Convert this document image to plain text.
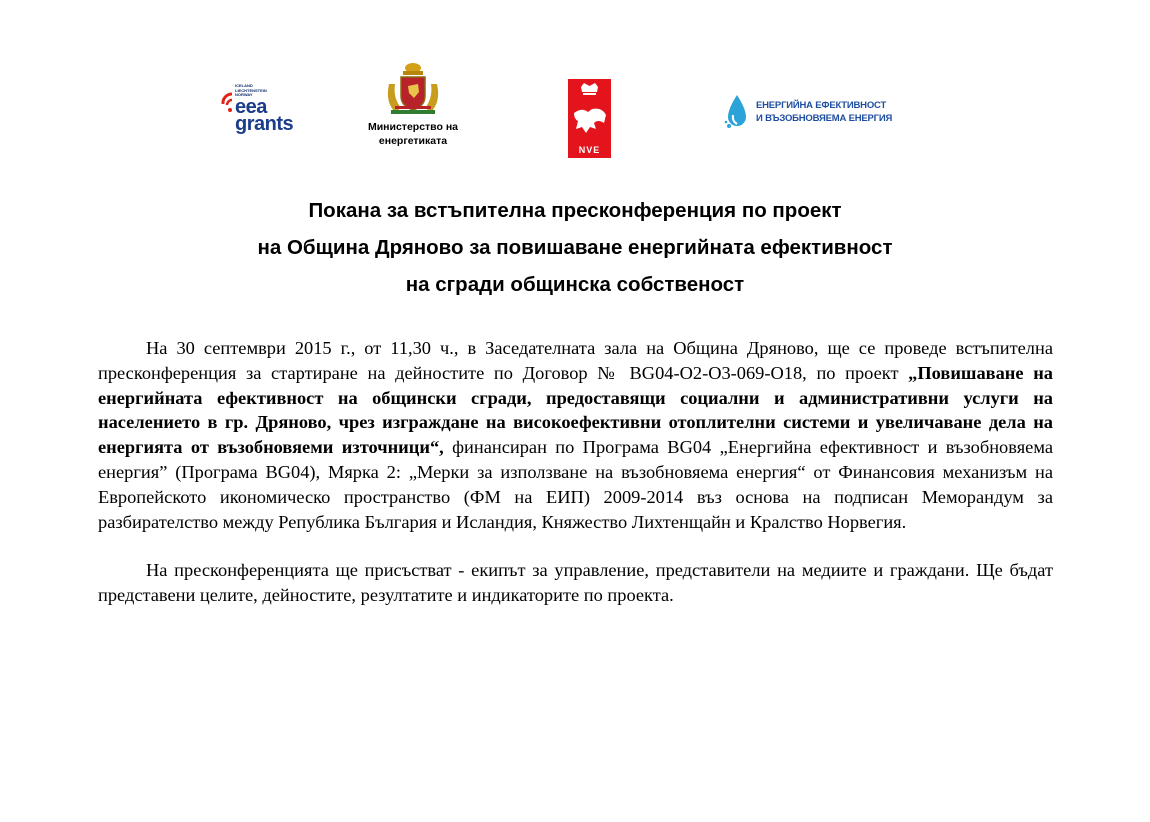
ICELAND
LIECHTENSTEIN
NORWAY
eea
grants	Министерство на
енергетиката
NVE
ЕНЕРГИЙНА ЕФЕКТИВНОСТ
И ВЪЗОБНОВЯЕМА ЕНЕРГИЯ
Покана за встъпителна пресконференция по проект
на Община Дряново за повишаване енергийната ефективност
на сгради общинска собственост

На 30 септември 2015 г., от 11,30 ч., в Заседателната зала на Община Дряново, ще се проведе встъпителна пресконференция за стартиране на дейностите по Договор № BG04-O2-O3-069-O18, по проект „Повишаване на енергийната ефективност на общински сгради, предоставящи социални и административни услуги на населението в гр. Дряново, чрез изграждане на високоефективни отоплителни системи и увеличаване дела на енергията от възобновяеми източници“, финансиран по Програма BG04 „Енергийна ефективност и възобновяема енергия” (Програма BG04), Мярка 2: „Мерки за използване на възобновяема енергия“ от Финансовия механизъм на Европейското икономическо пространство (ФМ на ЕИП) 2009-2014 въз основа на подписан Меморандум за разбирателство между Република България и Исландия, Княжество Лихтенщайн и Кралство Норвегия.

На пресконференцията ще присъстват - екипът за управление, представители на медиите и граждани. Ще бъдат представени целите, дейностите, резултатите и индикаторите по проекта.
